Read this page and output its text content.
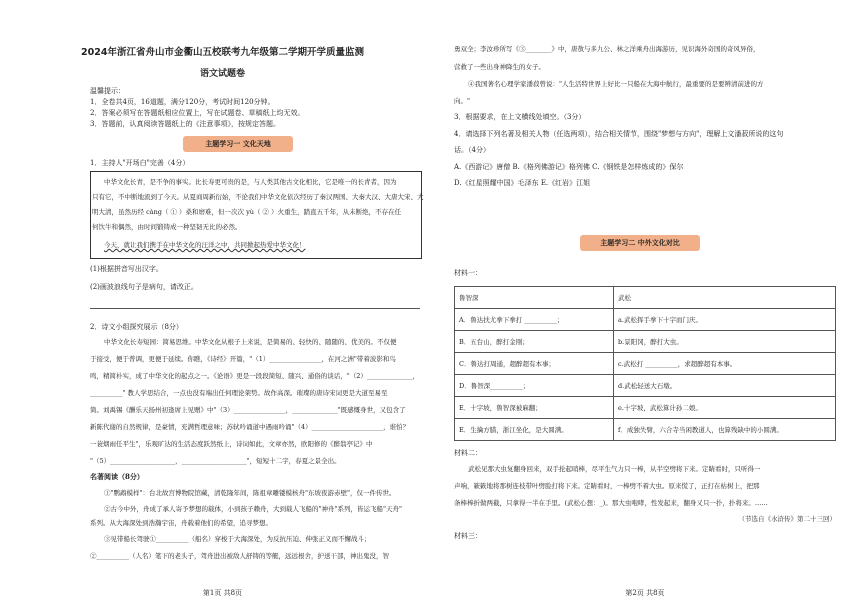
2024年浙江省舟山市金衢山五校联考九年级第二学期开学质量监测
语文试题卷
温馨提示：
1．全卷共4页，16道题，满分120分，考试时间120分钟。
2．答案必须写在答题纸相应位置上，写在试题卷、草稿纸上均无效。
3．答题前，认真阅读答题纸上的《注意事项》，按规定答题。
主题学习一 文化天地
1．主持人"开场白"完善（4分）
中华文化长青，是不争的事实。比长寿更可贵的是，与人类其他古文化相比，它是唯一的长青者，因为
只有它，不中断地流到了今天。从夏商周新衍始，不论我们中华文化依次经历了秦汉两国、大秦大汉、大唐大宋、大
明大清，虽然历经 càng（ ① ）桑和磨难，但一次次 yù（ ② ）火重生，踏直五千年，从未断绝，不存在任
何饮牛和偶然，由时间锻铸成一种坚韧无比的必然。
今天，就让我们携手在中华文化的汪洋之中，共同掀起热爱中华文化！
(1)根据拼音写出汉字。
(2)画波浪线句子是病句，请改正。
2．诗文小组探究展示（8分）
中华文化长寿短园：简易思维。中华文化从根子上来说，是简易的、轻快的、随随的、优美的。不仅便
于接受，便于普调，更便于延续。你瞧，《诗经》开篇，"（1）________________，在河之洲"带着波影和鸟
鸣，精简朴实，成了中华文化的起点之一。《论语》更是一段段简短、随兴、通俗的谈话，"（2）______________，
__________" 教人学思结合，一点也没有端出任何理论架势。故作高深。璀璨的唐诗宋词更是大道至易至
简。刘禹锡《酬乐天扬州初逢席上见赠》中"（3）________________，______________"既感慨身世，又包含了
新陈代谢的自然规律，是豪情，充满哲理意味；苏轼吟诵道中遇雨吟诵"（4）______________________，谁怕？
一蓑烟雨任平生"，乐观旷达的生活态度跃然纸上，诗词如此，文章亦然，欧阳修的《醉翁亭记》中
"（5）____________________，____________________"，短短十二字，春夏之景全出。
名著阅读（8分）
①"鹦鹉模样"：台北故宫博物院馆藏，清乾隆年间，陈祖章雕镂模核舟"东坡夜游赤壁"，仅一件传世。
②古今中外，舟成了承人寄予梦想的载体，小到孩子赖舟，大到载人飞船的"神舟"系列，皆运飞船"天舟"
系列。从大海深处到浩瀚宇宙，舟载着他们的希望，追寻梦想。
③见带船长驾驶①__________（船名）穿梭于大海深处，为反抗压迫、伸张正义而不懈战斗；
②__________（人名）笔下的老头子，驾舟进出被敌人舒铸的等艇，远远根舍，护送干部，神出鬼没，智
第1页 共8页
勇双全；李汝珍所写《③________》中，唐敖与多九公、林之洋乘舟出海游历，见识海外奇国的奇风异俗，
营救了一些出身神降生的女子。
④我国著名心理学家潘菽曾说："人生活特世界上好比一只船在大海中航行，最重要的是要辨清前进的方
向。"
3．根据要求，在上文横线处填空。（3分）
4．请选择下列名著及相关人物（任选两项），结合相关情节，围绕"梦想与方向"，理解上文潘菽所说的这句
话。（4分）
A.《西游记》唐僧 B.《格列佛游记》格列佛 C.《钢铁是怎样炼成的》保尔
D.《红星照耀中国》毛泽东 E.《红岩》江姐
主题学习二 中外文化对比
材料一：
鲁智深	武松
A．鲁达扶尤拳下拳打 __________；	a.武松挥手拳下十字而门庆。
B．五台山，醉打金刚；	b.景阳冈，醉打大虫。
C．鲁达打周通，超醉超有本事；	c.武松打 __________，求超醉超有本事。
D．鲁智深__________；	d.武松轻送大石墩。
E．十字坡，鲁智深被麻翻；	e.十字坡，武松算计孙二娘。
E．生擒方腊，浙江坐化，是大圆满。	f．成独失臂，六合寺当闲教道人，也算残缺中的小圆满。
材料二：
武松见那大虫复翻身回来，双手抡起哨棒，尽平生气力只一棒，从半空劈将下来。定睛看时，只听得一
声响，簌簌地将那树连枝带叶劈脸打将下来。定睛看时，一棒劈不着大虫。原来慌了，正打在枯树上，把那
条棒棒折做两截，只拿得一半在手里。(武松心想：_)。那大虫咆哮，性发起来，翻身又只一扑，扑将来。……
（节选自《水浒传》第二十三回）
材料三：
第2页 共8页
